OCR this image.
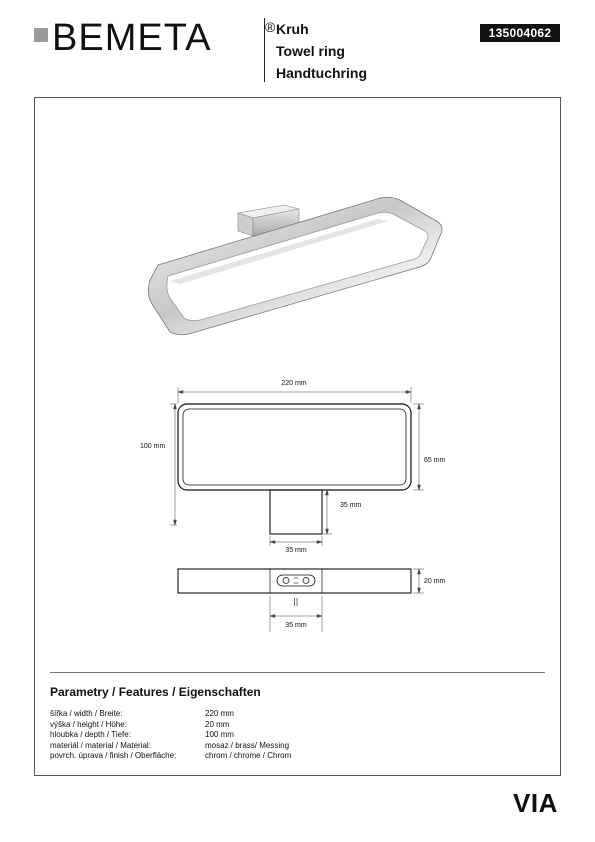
BEMETA	® Kruh
Towel ring
Handtuchring
135004062
220 mm
100 mm
65 mm
35 mm
35 mm
20 mm
35 mm
Parametry / Features / Eigenschaften
šířka / width / Breite:	220 mm
výška / height / Höhe:	20 mm
hloubka / depth / Tiefe:	100 mm
materiál / material / Material:	mosaz / brass/ Messing
povrch. úprava / finish / Oberfläche:	chrom / chrome / Chrom
VIA
